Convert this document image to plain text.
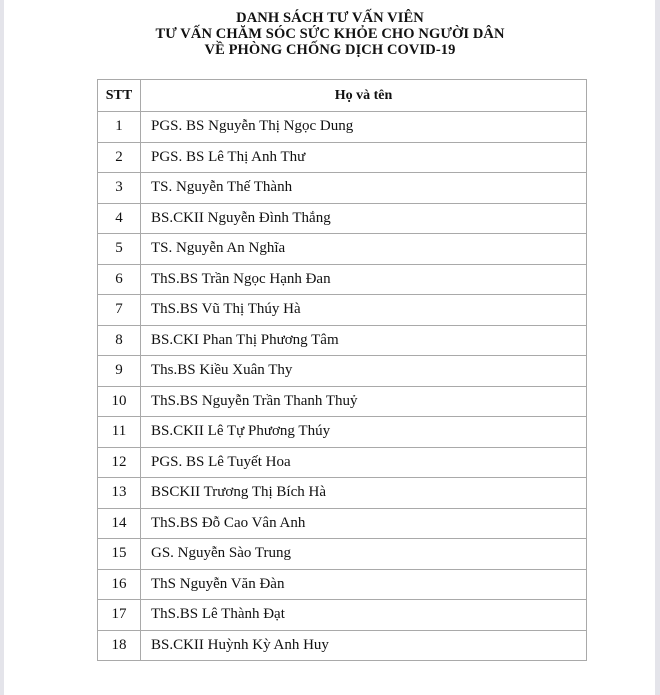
DANH SÁCH TƯ VẤN VIÊN
TƯ VẤN CHĂM SÓC SỨC KHỎE CHO NGƯỜI DÂN
VỀ PHÒNG CHỐNG DỊCH COVID-19
STT	Họ và tên
1	PGS. BS Nguyễn Thị Ngọc Dung
2	PGS. BS Lê Thị Anh Thư
3	TS. Nguyễn Thế Thành
4	BS.CKII Nguyễn Đình Thắng
5	TS. Nguyễn An Nghĩa
6	ThS.BS Trần Ngọc Hạnh Đan
7	ThS.BS Vũ Thị Thúy Hà
8	BS.CKI Phan Thị Phương Tâm
9	Ths.BS Kiều Xuân Thy
10	ThS.BS Nguyễn Trần Thanh Thuỷ
11	BS.CKII Lê Tự Phương Thúy
12	PGS. BS Lê Tuyết Hoa
13	BSCKII Trương Thị Bích Hà
14	ThS.BS Đỗ Cao Vân Anh
15	GS. Nguyễn Sào Trung
16	ThS Nguyễn Văn Đàn
17	ThS.BS Lê Thành Đạt
18	BS.CKII Huỳnh Kỳ Anh Huy
